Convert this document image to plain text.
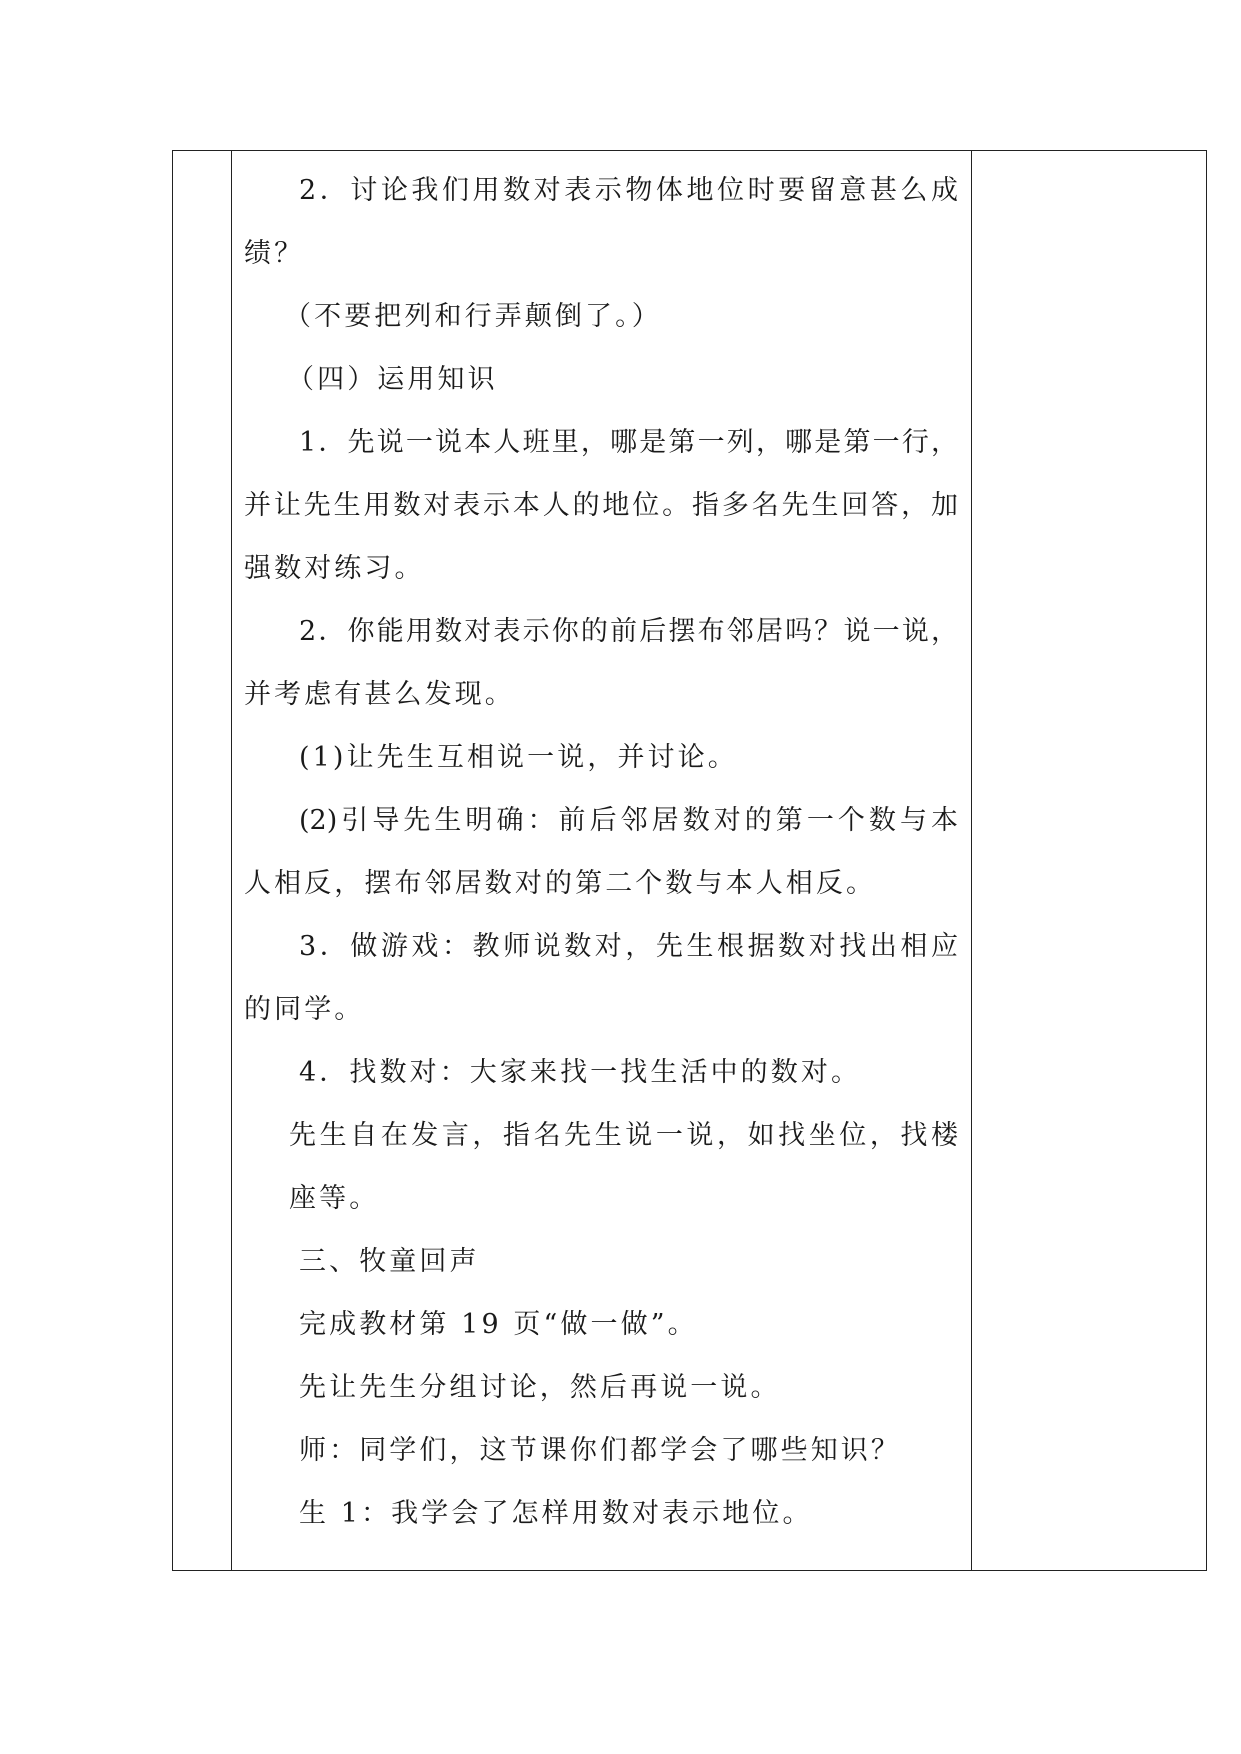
2．讨论我们用数对表示物体地位时要留意甚么成
绩？
（不要把列和行弄颠倒了。）
（四）运用知识
1．先说一说本人班里，哪是第一列，哪是第一行，
并让先生用数对表示本人的地位。指多名先生回答，加
强数对练习。
2．你能用数对表示你的前后摆布邻居吗？说一说，
并考虑有甚么发现。
(1)让先生互相说一说，并讨论。
(2)引导先生明确：前后邻居数对的第一个数与本
人相反，摆布邻居数对的第二个数与本人相反。
3．做游戏：教师说数对，先生根据数对找出相应
的同学。
4．找数对：大家来找一找生活中的数对。
先生自在发言，指名先生说一说，如找坐位，找楼
座等。
三、牧童回声
完成教材第 19 页“做一做”。
先让先生分组讨论，然后再说一说。
师：同学们，这节课你们都学会了哪些知识？
生 1：我学会了怎样用数对表示地位。
